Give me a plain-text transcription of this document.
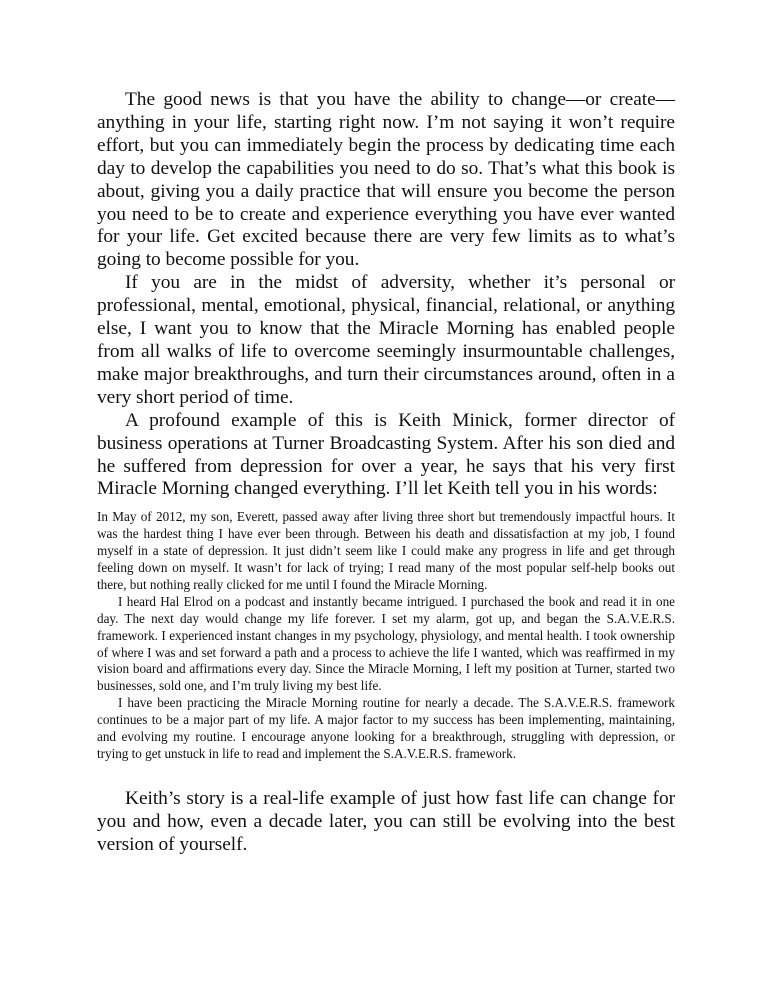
The good news is that you have the ability to change—or create— anything in your life, starting right now. I’m not saying it won’t require effort, but you can immediately begin the process by dedicating time each day to develop the capabilities you need to do so. That’s what this book is about, giving you a daily practice that will ensure you become the person you need to be to create and experience everything you have ever wanted for your life. Get excited because there are very few limits as to what’s going to become possible for you.

If you are in the midst of adversity, whether it’s personal or professional, mental, emotional, physical, financial, relational, or anything else, I want you to know that the Miracle Morning has enabled people from all walks of life to overcome seemingly insurmountable challenges, make major breakthroughs, and turn their circumstances around, often in a very short period of time.

A profound example of this is Keith Minick, former director of business operations at Turner Broadcasting System. After his son died and he suffered from depression for over a year, he says that his very first Miracle Morning changed everything. I’ll let Keith tell you in his words:

In May of 2012, my son, Everett, passed away after living three short but tremendously impactful hours. It was the hardest thing I have ever been through. Between his death and dissatisfaction at my job, I found myself in a state of depression. It just didn’t seem like I could make any progress in life and get through feeling down on myself. It wasn’t for lack of trying; I read many of the most popular self-help books out there, but nothing really clicked for me until I found the Miracle Morning.

I heard Hal Elrod on a podcast and instantly became intrigued. I purchased the book and read it in one day. The next day would change my life forever. I set my alarm, got up, and began the S.A.V.E.R.S. framework. I experienced instant changes in my psychology, physiology, and mental health. I took ownership of where I was and set forward a path and a process to achieve the life I wanted, which was reaffirmed in my vision board and affirmations every day. Since the Miracle Morning, I left my position at Turner, started two businesses, sold one, and I’m truly living my best life.

I have been practicing the Miracle Morning routine for nearly a decade. The S.A.V.E.R.S. framework continues to be a major part of my life. A major factor to my success has been implementing, maintaining, and evolving my routine. I encourage anyone looking for a breakthrough, struggling with depression, or trying to get unstuck in life to read and implement the S.A.V.E.R.S. framework.

Keith’s story is a real-life example of just how fast life can change for you and how, even a decade later, you can still be evolving into the best version of yourself.
